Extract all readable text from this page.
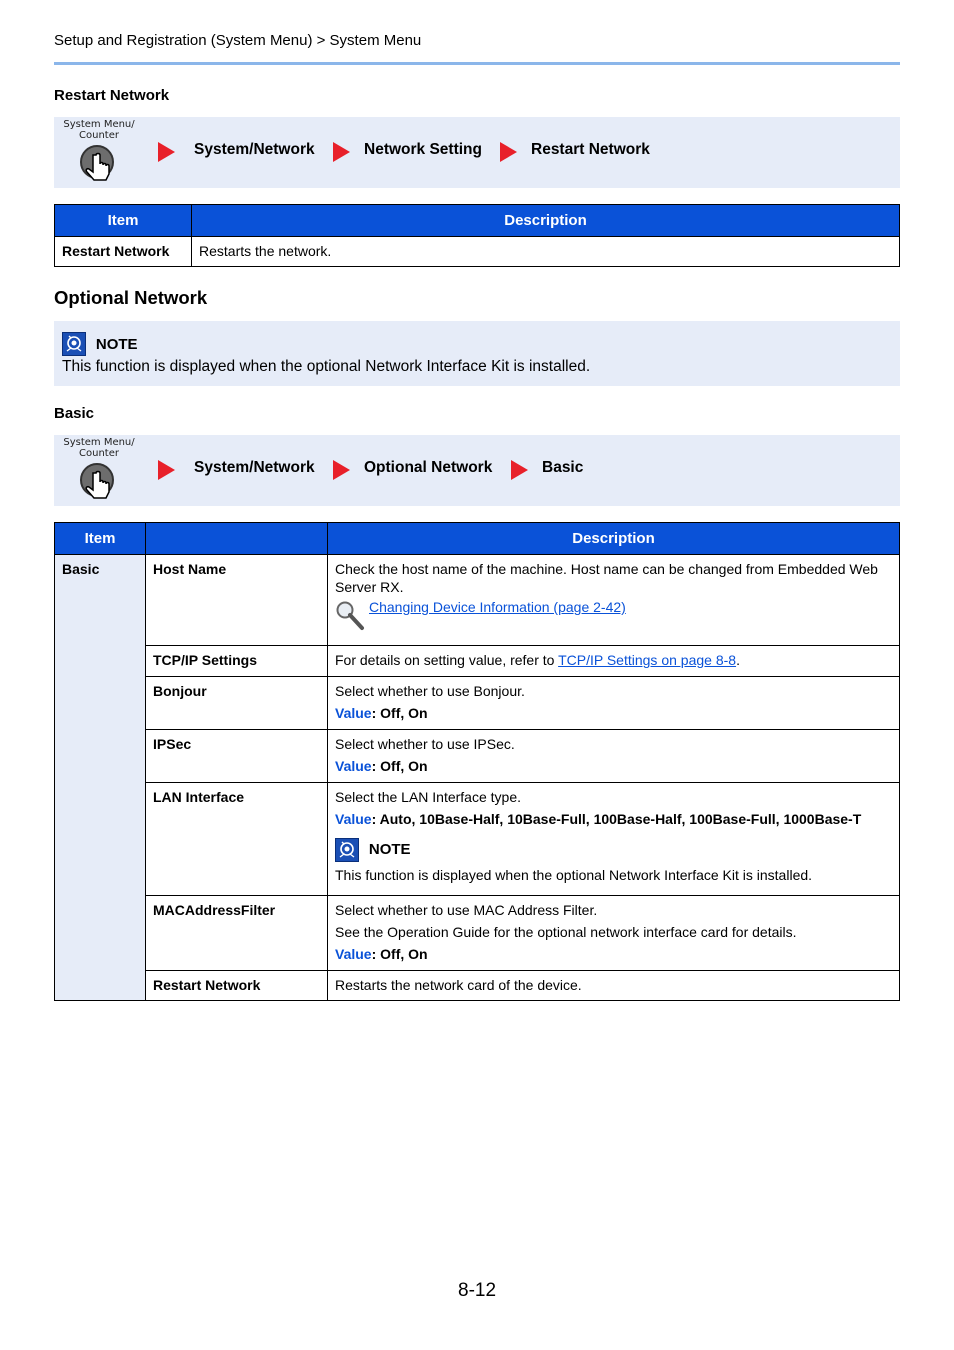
Setup and Registration (System Menu) > System Menu
Restart Network
System Menu/ Counter
System/Network	Network Setting	Restart Network
Item	Description
Restart Network	Restarts the network.
Optional Network
NOTE
This function is displayed when the optional Network Interface Kit is installed.
Basic
System Menu/ Counter
System/Network	Optional Network	Basic
Item		Description
Basic	Host Name	Check the host name of the machine. Host name can be changed from Embedded Web Server RX.
Changing Device Information (page 2-42)

	TCP/IP Settings	For details on setting value, refer to TCP/IP Settings on page 8-8.
	Bonjour	Select whether to use Bonjour.
Value: Off, On

	IPSec	Select whether to use IPSec.
Value: Off, On

	LAN Interface	Select the LAN Interface type.
Value: Auto, 10Base-Half, 10Base-Full, 100Base-Half, 100Base-Full, 1000Base-T
NOTE
This function is displayed when the optional Network Interface Kit is installed.

	MACAddressFilter	Select whether to use MAC Address Filter.
See the Operation Guide for the optional network interface card for details.
Value: Off, On

	Restart Network	Restarts the network card of the device.
8-12
